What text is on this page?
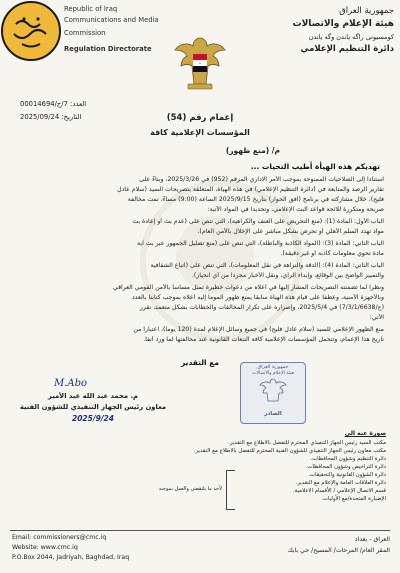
Republic of Iraq
Communications and Media
Commission
Regulation Directorate
✦
جمهورية العراق
هيئة الإعلام والاتصالات
كومسيونى راگه یاندن وگه یاندن
دائرة التنظيم الإعلامي
العدد: 7/ح/00014694
التاريخ: 2025/09/24	إعمام رقم (54)
المؤسسات الإعلامية كافة
م/ (منع ظهور)
تهديكم هذه الهيأة أطيب التحيات ...
استناداً إلى الصلاحيات الممنوحة بموجب الأمر الاداري المرقم (952) في 2025/3/26، وبناءً على
تقارير الرصد والمتابعة في (دائرة التنظيم الإعلامي) في هذه الهيأة، المتعلقة بتصريحات السيد (سلام عادل
فليح)، خلال مشاركته في برنامج (أفق الحوار) بتاريخ 2025/9/15 الساعة (9:00) مساءً، تمت مخالفة
صريحة ومتكررة للائحة قواعد البث الإعلامي، وتحديداً في المواد الآتية:
الباب الأول: المادة (1): (منع التحريض على العنف والكراهية)، التي تنص على (عدم بث أو إعادة بث
مواد تهدد السلم الأهلي أو تحرض بشكل مباشر على الإخلال بالأمن العام).
الباب الثاني: المادة (3): (المواد الكاذبة والباطلة)، التي تنص على (منع تضليل الجمهور عبر بث أية
مادة تحوي معلومات كاذبة أو غير دقيقة).
الباب الثاني: المادة (4): (الدقة والنزاهة في نقل المعلومات)، التي تنص على (اتباع الشفافية
والتمييز الواضح بين الوقائع، وإبداء الرأي، ونقل الأخبار مجرداً من أي انحياز).
ونظراً لما تضمنته التصريحات المشار إليها في أعلاه من دعوات خطيرة تمثل مساساً بالأمن القومي العراقي
وبالأجهزة الأمنية، وعطفاً على قيام هذه الهيأة سابقاً بمنع ظهور المومأ إليه أعلاه بموجب كتابنا بالعدد
(ح/7/3/1/6638) في 2025/5/4، وإصراره على تكرار المخالفات والخطابات بشكل متعمد، تقرر
الآتي:
منع الظهور الإعلامي للسيد (سلام عادل فليح) في جميع وسائل الإعلام لمدة (120 يوماً)، اعتباراً من
تاريخ هذا الإعمام، وتتحمل المؤسسات الإعلامية كافة التبعات القانونية عند مخالفتها لما ورد أنفاً.
مع التقدير
M.Abo
م. محمد عبد الله عبد الأمير
معاون رئيس الجهاز التنفيذي للشؤون الفنية
2025/9/24
جمهورية العراق
هيئة الإعلام والاتصالات
الصادر
صورة عنه الى
مكتب السيد رئيس الجهاز التنفيذي المحترم للتفضل بالاطلاع مع التقدير.
مكتب معاون رئيس الجهاز التنفيذي للشؤون الفنية المحترم للتفضل بالاطلاع مع التقدير.
دائرة التنظيم وشؤون المحافظات.
دائرة التراخيص وشؤون المحافظات.
دائرة الشؤون القانونية والتحقيقات.
دائرة العلاقات العامة والإعلام مع التقدير.
قسم الاتصال الإعلامي / الأقسام الاعلامية.
الإضبارة المتحدة/مع الأوليات.
لأخذ ما يلتقضي والعمل بموجبه
Email: commissioners@cmc.iq
Website: www.cmc.iq
P.O.Box 2044, Jadriyah, Baghdad, Iraq
العراق - بغداد
المقر العام/ المرحات/ المسيح/ حي بابك
